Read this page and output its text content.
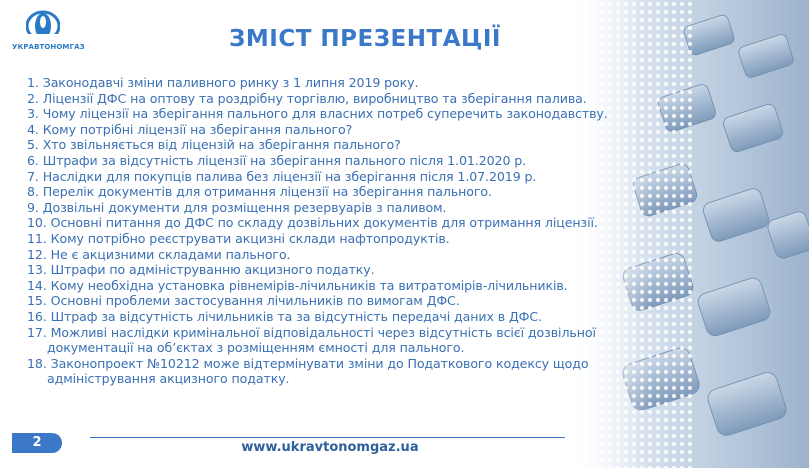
УКРАВТОНОМГАЗ	ЗМІСТ ПРЕЗЕНТАЦІЇ
1. Законодавчі зміни паливного ринку з 1 липня 2019 року.
2. Ліцензії ДФС на оптову та роздрібну торгівлю, виробництво та зберігання палива.
3. Чому ліцензії на зберігання пального для власних потреб суперечить законодавству.
4. Кому потрібні ліцензії на зберігання пального?
5. Хто звільняється від ліцензій на зберігання пального?
6. Штрафи за відсутність ліцензії на зберігання пального після 1.01.2020 р.
7. Наслідки для покупців палива без ліцензії на зберігання після 1.07.2019 р.
8. Перелік документів для отримання ліцензії на зберігання пального.
9. Дозвільні документи для розміщення резервуарів з паливом.
10. Основні питання до ДФС по складу дозвільних документів для отримання ліцензії.
11. Кому потрібно реєструвати акцизні склади нафтопродуктів.
12. Не є акцизними складами пального.
13. Штрафи по адмініструванню акцизного податку.
14. Кому необхідна установка рівнемірів-лічильників та витратомірів-лічильників.
15. Основні проблеми застосування лічильників по вимогам ДФС.
16. Штраф за відсутність лічильників та за відсутність передачі даних в ДФС.
17. Можливі наслідки кримінальної відповідальності через відсутність всієї дозвільної
документації на об’єктах з розміщенням ємності для пального.
18. Законопроект №10212 може відтермінувати зміни до Податкового кодексу щодо
адміністрування акцизного податку.
2	www.ukravtonomgaz.ua
